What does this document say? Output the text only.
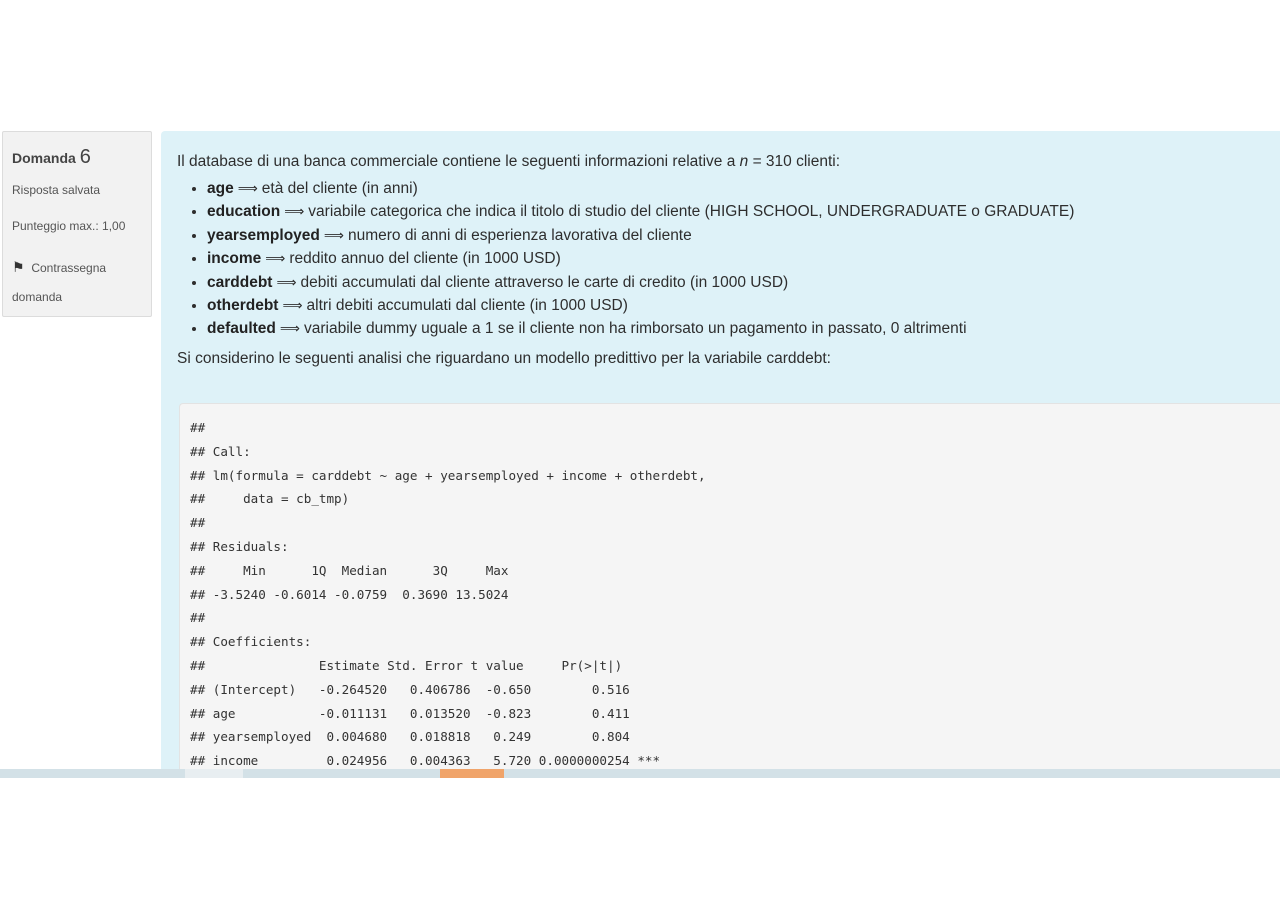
Domanda 6
Risposta salvata
Punteggio max.: 1,00
⚑ Contrassegna
domanda

Il database di una banca commerciale contiene le seguenti informazioni relative a n = 310 clienti:

• age ⟹ età del cliente (in anni)
• education ⟹ variabile categorica che indica il titolo di studio del cliente (HIGH SCHOOL, UNDERGRADUATE o GRADUATE)
• yearsemployed ⟹ numero di anni di esperienza lavorativa del cliente
• income ⟹ reddito annuo del cliente (in 1000 USD)
• carddebt ⟹ debiti accumulati dal cliente attraverso le carte di credito (in 1000 USD)
• otherdebt ⟹ altri debiti accumulati dal cliente (in 1000 USD)
• defaulted ⟹ variabile dummy uguale a 1 se il cliente non ha rimborsato un pagamento in passato, 0 altrimenti

Si considerino le seguenti analisi che riguardano un modello predittivo per la variabile carddebt:

##
## Call:
## lm(formula = carddebt ~ age + yearsemployed + income + otherdebt,
##     data = cb_tmp)
##
## Residuals:
##     Min      1Q  Median      3Q     Max
## -3.5240 -0.6014 -0.0759  0.3690 13.5024
##
## Coefficients:
##               Estimate Std. Error t value     Pr(>|t|)
## (Intercept)   -0.264520   0.406786  -0.650        0.516
## age           -0.011131   0.013520  -0.823        0.411
## yearsemployed  0.004680   0.018818   0.249        0.804
## income         0.024956   0.004363   5.720 0.0000000254 ***
